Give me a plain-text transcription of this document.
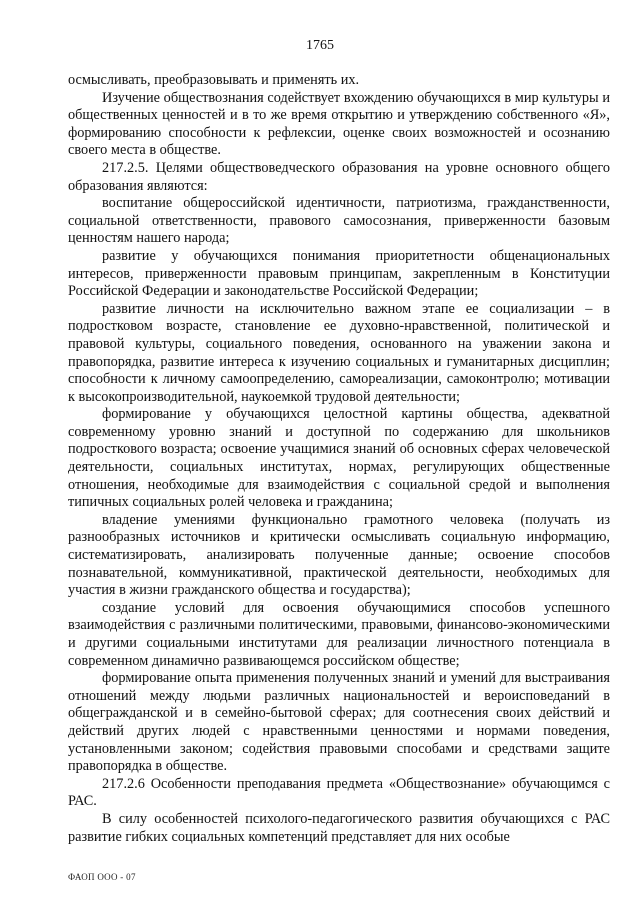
1765

осмысливать, преобразовывать и применять их.

Изучение обществознания содействует вхождению обучающихся в мир культуры и общественных ценностей и в то же время открытию и утверждению собственного «Я», формированию способности к рефлексии, оценке своих возможностей и осознанию своего места в обществе.

217.2.5. Целями обществоведческого образования на уровне основного общего образования являются:

воспитание общероссийской идентичности, патриотизма, гражданственности, социальной ответственности, правового самосознания, приверженности базовым ценностям нашего народа;

развитие у обучающихся понимания приоритетности общенациональных интересов, приверженности правовым принципам, закрепленным в Конституции Российской Федерации и законодательстве Российской Федерации;

развитие личности на исключительно важном этапе ее социализации – в подростковом возрасте, становление ее духовно-нравственной, политической и правовой культуры, социального поведения, основанного на уважении закона и правопорядка, развитие интереса к изучению социальных и гуманитарных дисциплин; способности к личному самоопределению, самореализации, самоконтролю; мотивации к высокопроизводительной, наукоемкой трудовой деятельности;

формирование у обучающихся целостной картины общества, адекватной современному уровню знаний и доступной по содержанию для школьников подросткового возраста; освоение учащимися знаний об основных сферах человеческой деятельности, социальных институтах, нормах, регулирующих общественные отношения, необходимые для взаимодействия с социальной средой и выполнения типичных социальных ролей человека и гражданина;

владение умениями функционально грамотного человека (получать из разнообразных источников и критически осмысливать социальную информацию, систематизировать, анализировать полученные данные; освоение способов познавательной, коммуникативной, практической деятельности, необходимых для участия в жизни гражданского общества и государства);

создание условий для освоения обучающимися способов успешного взаимодействия с различными политическими, правовыми, финансово-экономическими и другими социальными институтами для реализации личностного потенциала в современном динамично развивающемся российском обществе;

формирование опыта применения полученных знаний и умений для выстраивания отношений между людьми различных национальностей и вероисповеданий в общегражданской и в семейно-бытовой сферах; для соотнесения своих действий и действий других людей с нравственными ценностями и нормами поведения, установленными законом; содействия правовыми способами и средствами защите правопорядка в обществе.

217.2.6 Особенности преподавания предмета «Обществознание» обучающимся с РАС.

В силу особенностей психолого-педагогического развития обучающихся с РАС развитие гибких социальных компетенций представляет для них особые

ФАОП ООО - 07
